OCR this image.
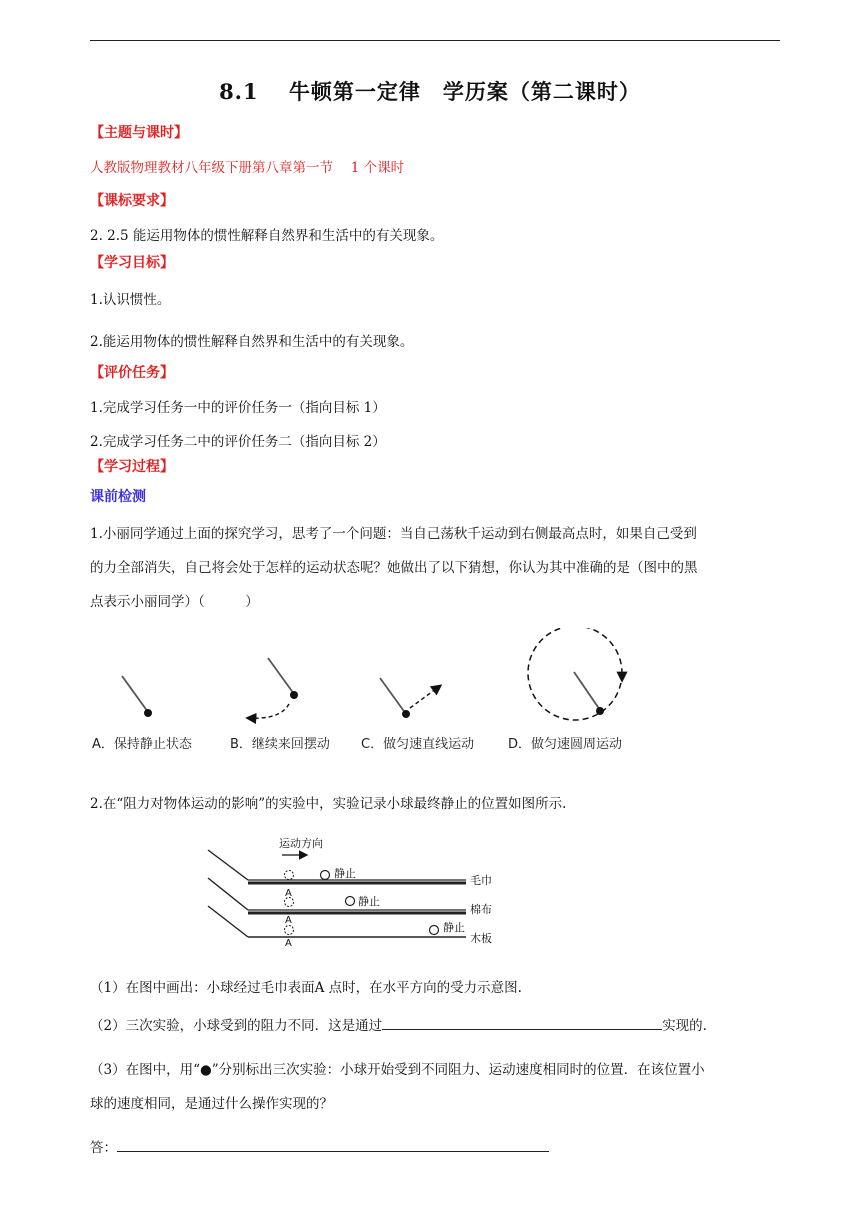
8.1　 牛顿第一定律　学历案（第二课时）
【主题与课时】
人教版物理教材八年级下册第八章第一节　 1 个课时
【课标要求】
2. 2.5 能运用物体的惯性解释自然界和生活中的有关现象。
【学习目标】
1.认识惯性。
2.能运用物体的惯性解释自然界和生活中的有关现象。
【评价任务】
1.完成学习任务一中的评价任务一（指向目标 1）
2.完成学习任务二中的评价任务二（指向目标 2）
【学习过程】
课前检测
1.小丽同学通过上面的探究学习，思考了一个问题：当自己荡秋千运动到右侧最高点时，如果自己受到
的力全部消失，自己将会处于怎样的运动状态呢？她做出了以下猜想，你认为其中准确的是（图中的黑
点表示小丽同学）（　　　）
A．保持静止状态	B．继续来回摆动 C．做匀速直线运动	D．做匀速圆周运动
2.在“阻力对物体运动的影响”的实验中，实验记录小球最终静止的位置如图所示.
运动方向
静止
A
毛巾
静止
A
棉布
静止
A	木板
（1）在图中画出：小球经过毛巾表面A 点时，在水平方向的受力示意图.
（2）三次实验，小球受到的阻力不同．这是通过	实现的.
（3）在图中，用“●”分别标出三次实验：小球开始受到不同阻力、运动速度相同时的位置．在该位置小
球的速度相同，是通过什么操作实现的？
答：
